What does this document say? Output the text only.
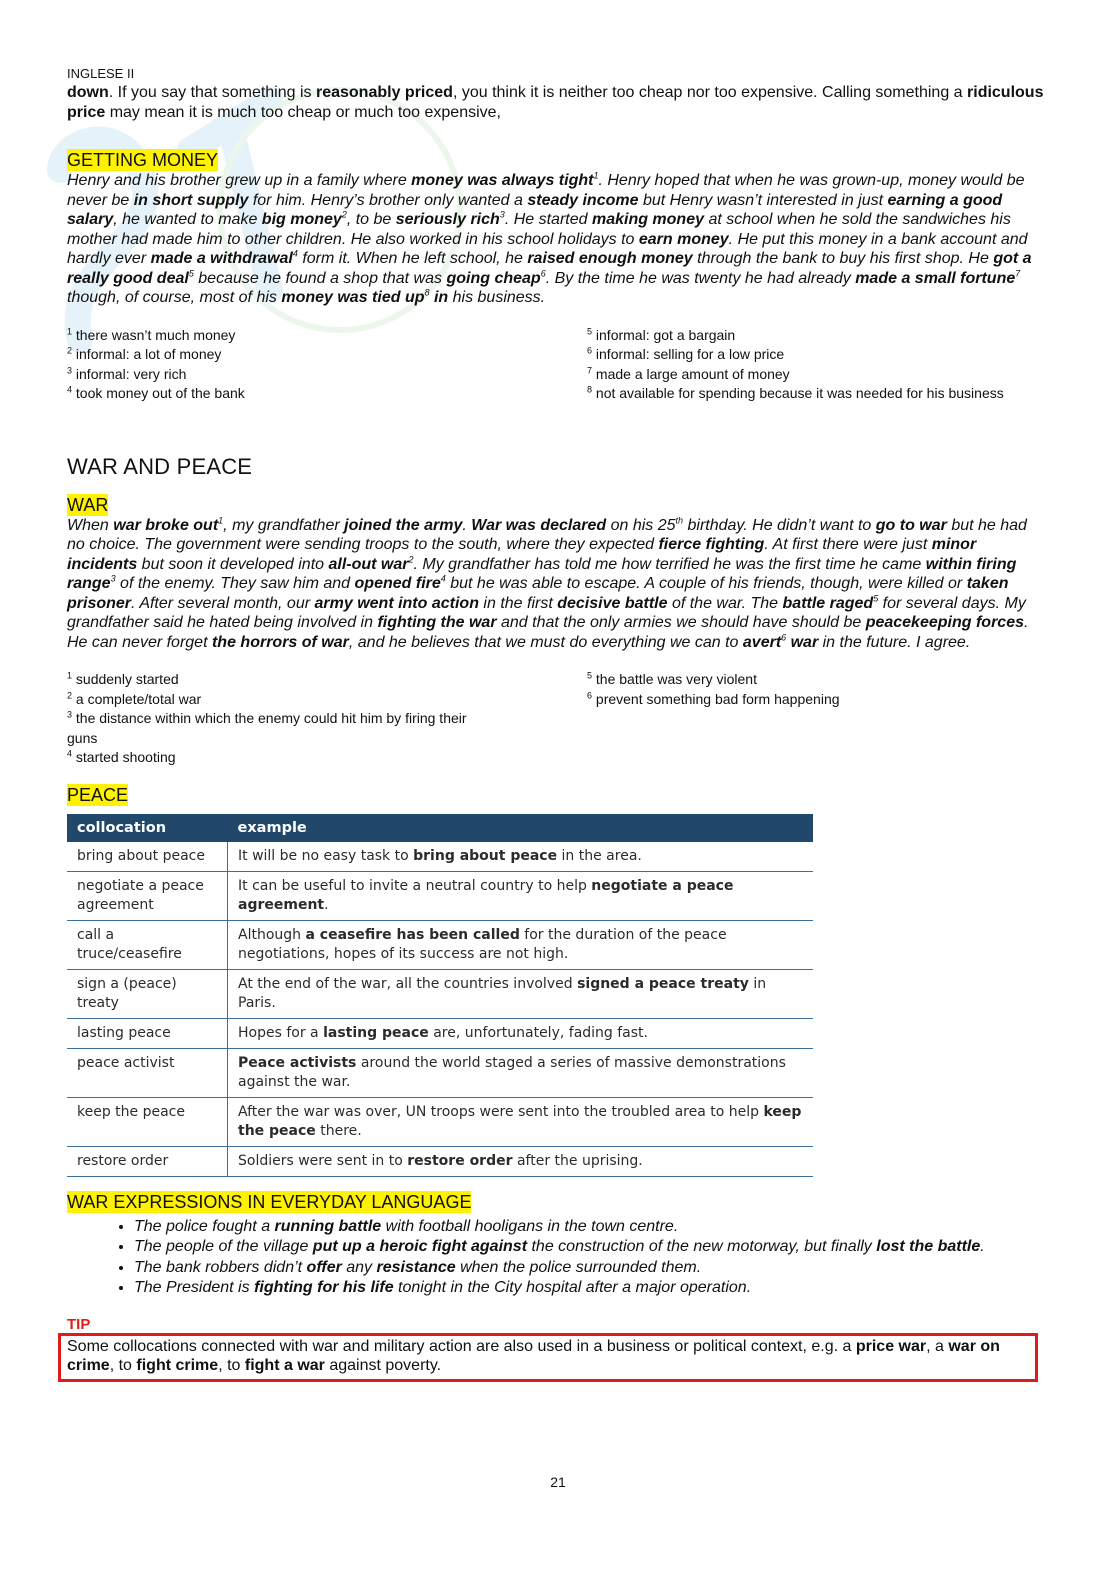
INGLESE II

down. If you say that something is reasonably priced, you think it is neither too cheap nor too expensive. Calling something a ridiculous price may mean it is much too cheap or much too expensive,

GETTING MONEY

Henry and his brother grew up in a family where money was always tight$^1$. Henry hoped that when he was grown-up, money would be never be in short supply for him. Henry’s brother only wanted a steady income but Henry wasn’t interested in just earning a good salary, he wanted to make big money$^2$, to be seriously rich$^3$. He started making money at school when he sold the sandwiches his mother had made him to other children. He also worked in his school holidays to earn money. He put this money in a bank account and hardly ever made a withdrawal$^4$ form it. When he left school, he raised enough money through the bank to buy his first shop. He got a really good deal$^5$ because he found a shop that was going cheap$^6$. By the time he was twenty he had already made a small fortune$^7$ though, of course, most of his money was tied $up^8$ in his business.

$^1$ there wasn’t much money

$^2$ informal: a lot of money

$^3$ informal: very rich

$^4$ took money out of the bank

$^5$ informal: got a bargain

$^6$ informal: selling for a low price

$^7$ made a large amount of money

$^8$ not available for spending because it was needed for his business

WAR AND PEACE
WAR

When war broke out$^1$, my grandfather joined the army. War was declared on his 25th birthday. He didn’t want to go to war but he had no choice. The government were sending troops to the south, where they expected fierce fighting. At first there were just minor incidents but soon it developed into all-out war$^2$. My grandfather has told me how terrified he was the first time he came within firing range$^3$ of the enemy. They saw him and opened fire$^4$ but he was able to escape. A couple of his friends, though, were killed or taken prisoner. After several month, our army went into action in the first decisive battle of the war. The battle raged$^5$ for several days. My grandfather said he hated being involved in fighting the war and that the only armies we should have should be peacekeeping forces. He can never forget the horrors of war, and he believes that we must do everything we can to avert$^6$ war in the future. I agree.

$^1$ suddenly started

$^2$ a complete/total war

$^3$ the distance within which the enemy could hit him by firing their guns

$^4$ started shooting

$^5$ the battle was very violent

$^6$ prevent something bad form happening

PEACE
collocation	example
bring about peace	It will be no easy task to bring about peace in the area.
negotiate a peace agreement	It can be useful to invite a neutral country to help negotiate a peace agreement.
call a truce/ceasefire	Although a ceasefire has been called for the duration of the peace negotiations, hopes of its success are not high.
sign a (peace) treaty	At the end of the war, all the countries involved signed a peace treaty in Paris.
lasting peace	Hopes for a lasting peace are, unfortunately, fading fast.
peace activist	Peace activists around the world staged a series of massive demonstrations against the war.
keep the peace	After the war was over, UN troops were sent into the troubled area to help keep the peace there.
restore order	Soldiers were sent in to restore order after the uprising.
WAR EXPRESSIONS IN EVERYDAY LANGUAGE
• The police fought a running battle with football hooligans in the town centre.
• The people of the village put up a heroic fight against the construction of the new motorway, but finally lost the battle.
• The bank robbers didn’t offer any resistance when the police surrounded them.
• The President is fighting for his life tonight in the City hospital after a major operation.
TIP
Some collocations connected with war and military action are also used in a business or political context, e.g. a price war, a war on crime, to fight crime, to fight a war against poverty.
21
